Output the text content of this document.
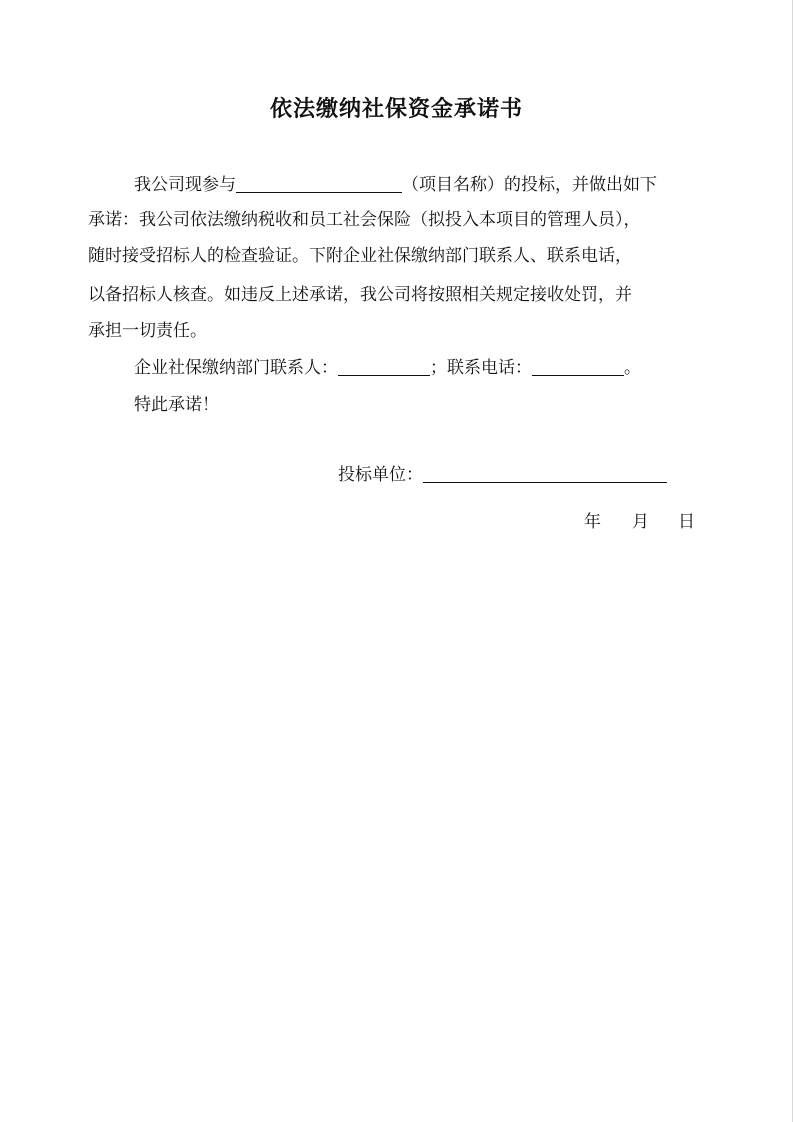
依法缴纳社保资金承诺书
我公司现参与	（项目名称）的投标，并做出如下
承诺：我公司依法缴纳税收和员工社会保险（拟投入本项目的管理人员），
随时接受招标人的检查验证。下附企业社保缴纳部门联系人、联系电话，
以备招标人核查。如违反上述承诺，我公司将按照相关规定接收处罚，并
承担一切责任。
企业社保缴纳部门联系人：	；联系电话：	。
特此承诺！
投标单位：
年 月 日
